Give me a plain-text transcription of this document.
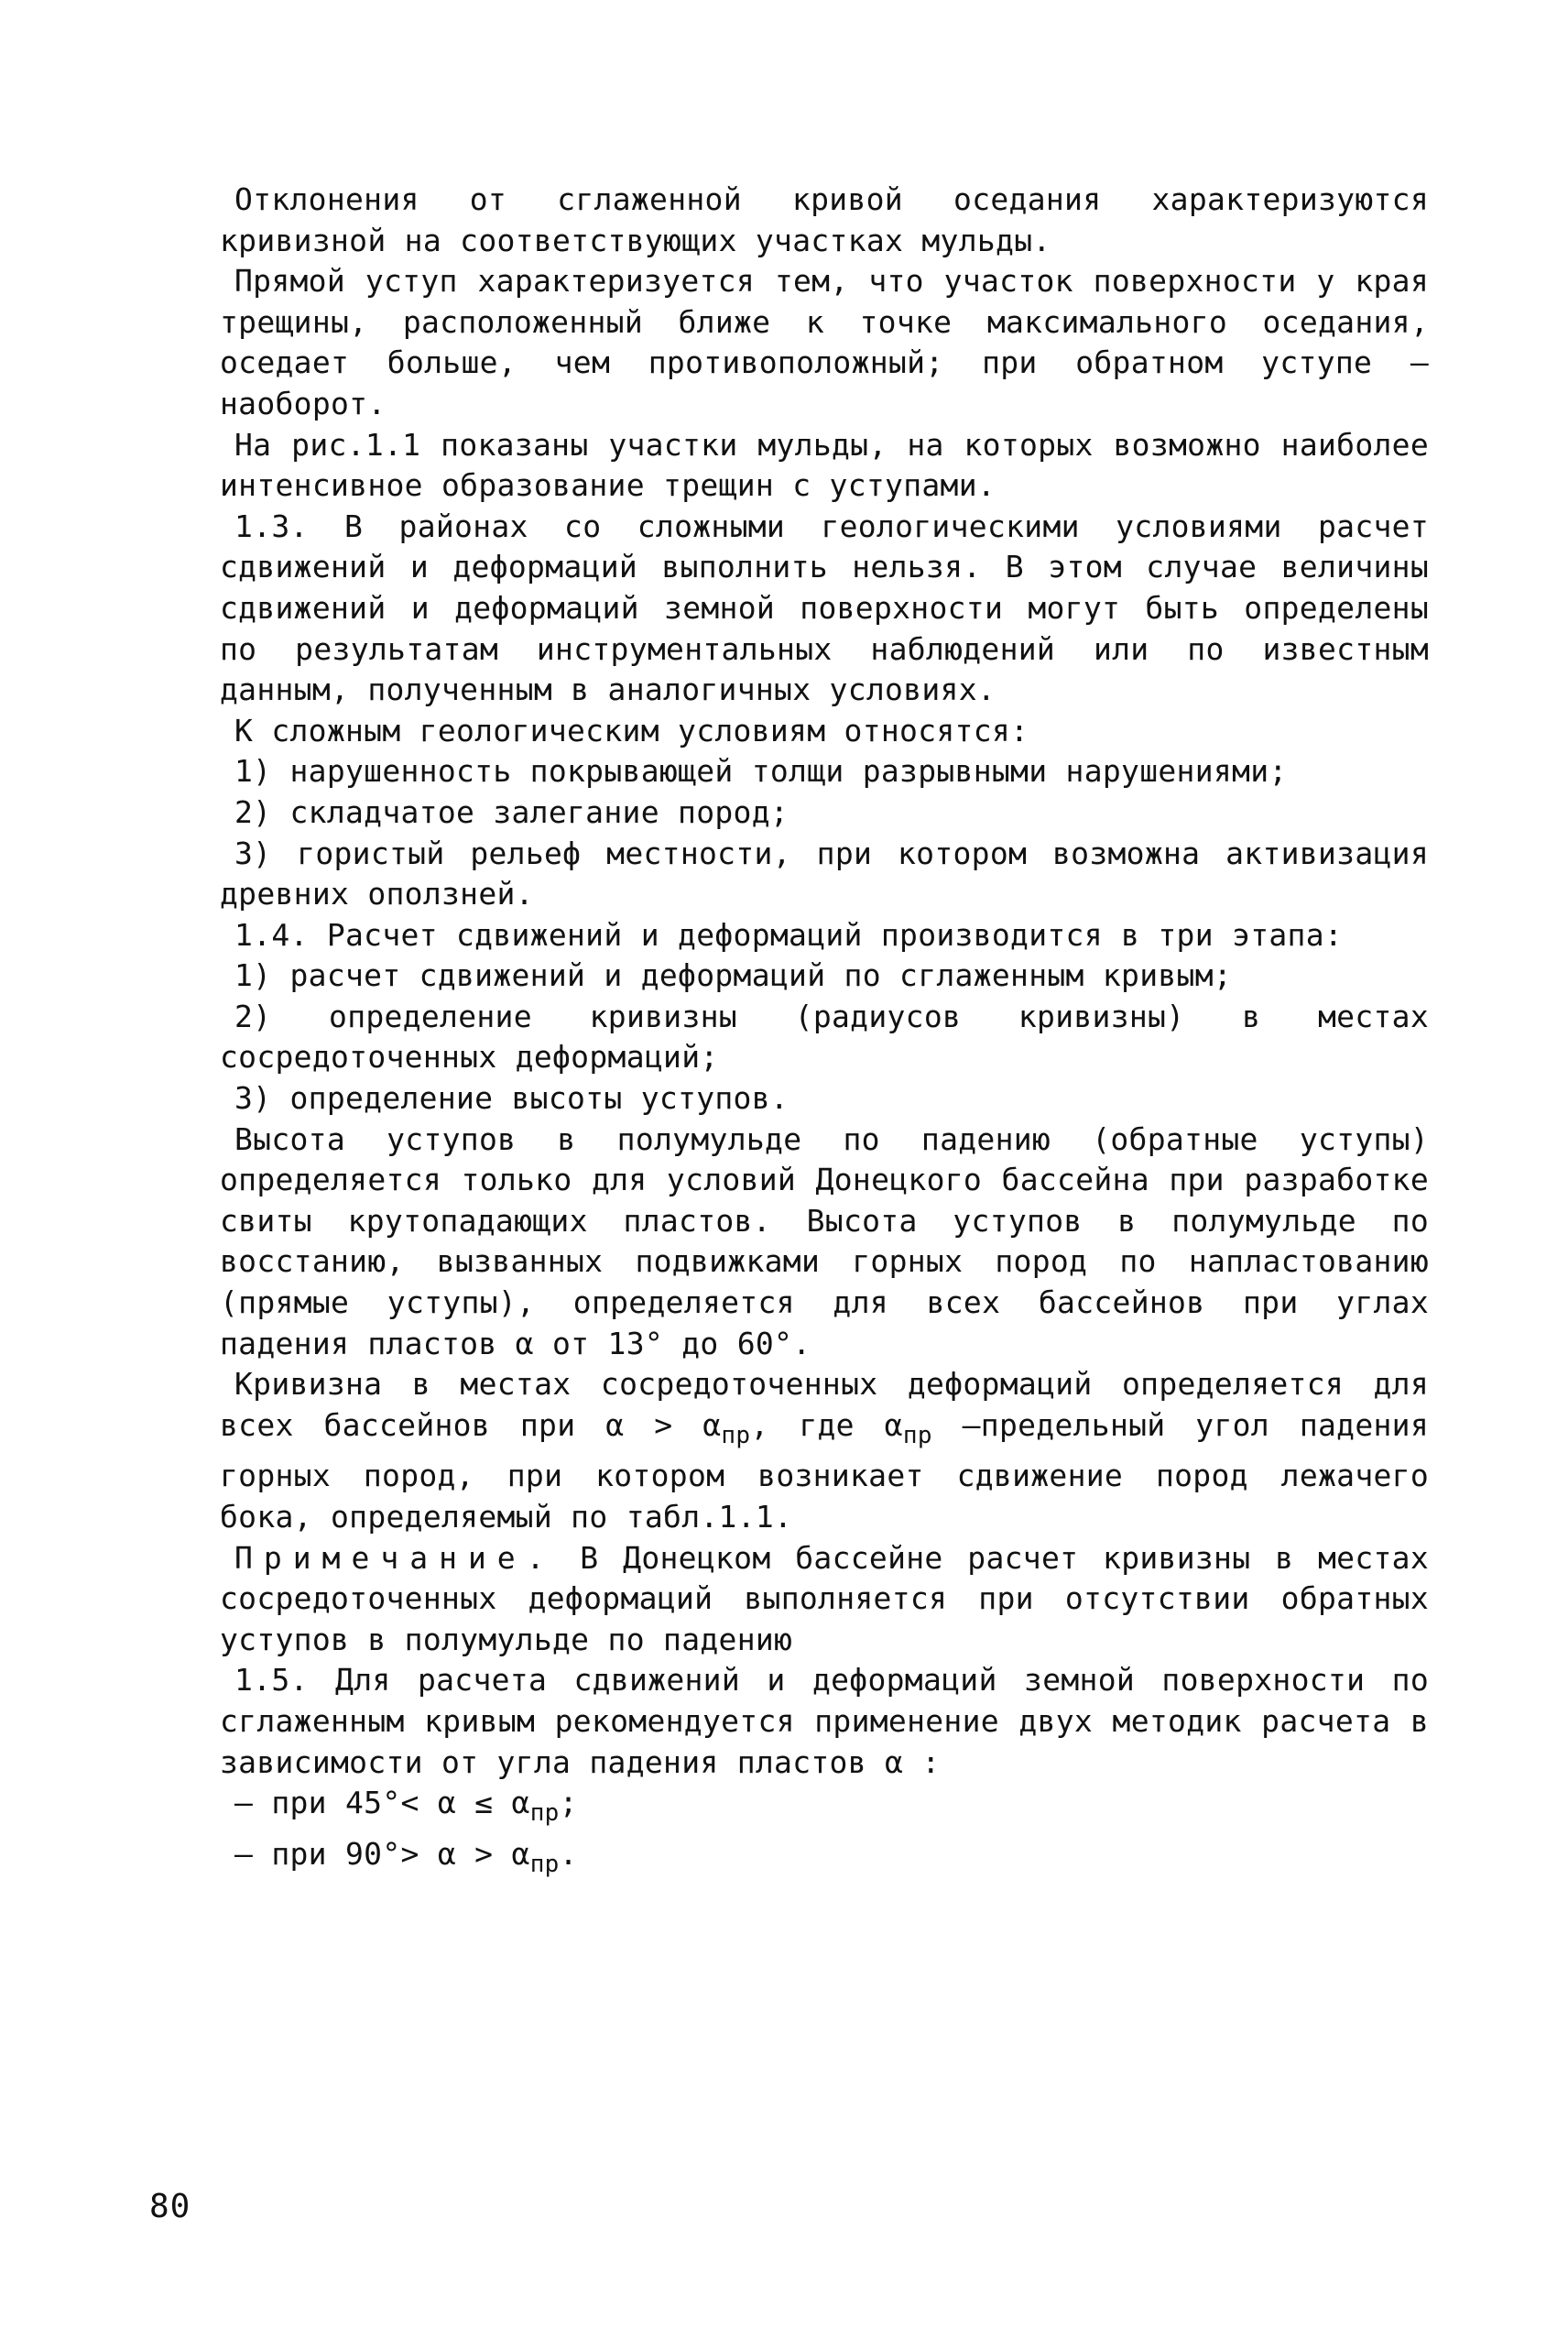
Отклонения от сглаженной кривой оседания характеризуются кривизной на соответствующих участках мульды.

Прямой уступ характеризуется тем, что участок поверхности у края трещины, расположенный ближе к точке максимального оседания, оседает больше, чем противоположный; при обратном уступе – наоборот.

На рис.1.1 показаны участки мульды, на которых возможно наиболее интенсивное образование трещин с уступами.

1.3. В районах со сложными геологическими условиями расчет сдвижений и деформаций выполнить нельзя. В этом случае величины сдвижений и деформаций земной поверхности могут быть определены по результатам инструментальных наблюдений или по известным данным, полученным в аналогичных условиях.

К сложным геологическим условиям относятся:

1) нарушенность покрывающей толщи разрывными нарушениями;

2) складчатое залегание пород;

3) гористый рельеф местности, при котором возможна активизация древних оползней.

1.4. Расчет сдвижений и деформаций производится в три этапа:

1) расчет сдвижений и деформаций по сглаженным кривым;

2) определение кривизны (радиусов кривизны) в местах сосредоточенных деформаций;

3) определение высоты уступов.

Высота уступов в полумульде по падению (обратные уступы) определяется только для условий Донецкого бассейна при разработке свиты крутопадающих пластов. Высота уступов в полумульде по восстанию, вызванных подвижками горных пород по напластованию (прямые уступы), определяется для всех бассейнов при углах падения пластов α от 13° до 60°.

Кривизна в местах сосредоточенных деформаций определяется для всех бассейнов при $\alpha > \alpha_{пр}$, где $\alpha_{пр}$ –предельный угол падения горных пород, при котором возникает сдвижение пород лежачего бока, определяемый по табл.1.1.

Примечание. В Донецком бассейне расчет кривизны в местах сосредоточенных деформаций выполняется при отсутствии обратных уступов в полумульде по падению

1.5. Для расчета сдвижений и деформаций земной поверхности по сглаженным кривым рекомендуется применение двух методик расчета в зависимости от угла падения пластов α :

– при $45^\circ< \alpha \le \alpha_{пр}$;

– при $90^\circ> \alpha > \alpha_{пр}$.

80
